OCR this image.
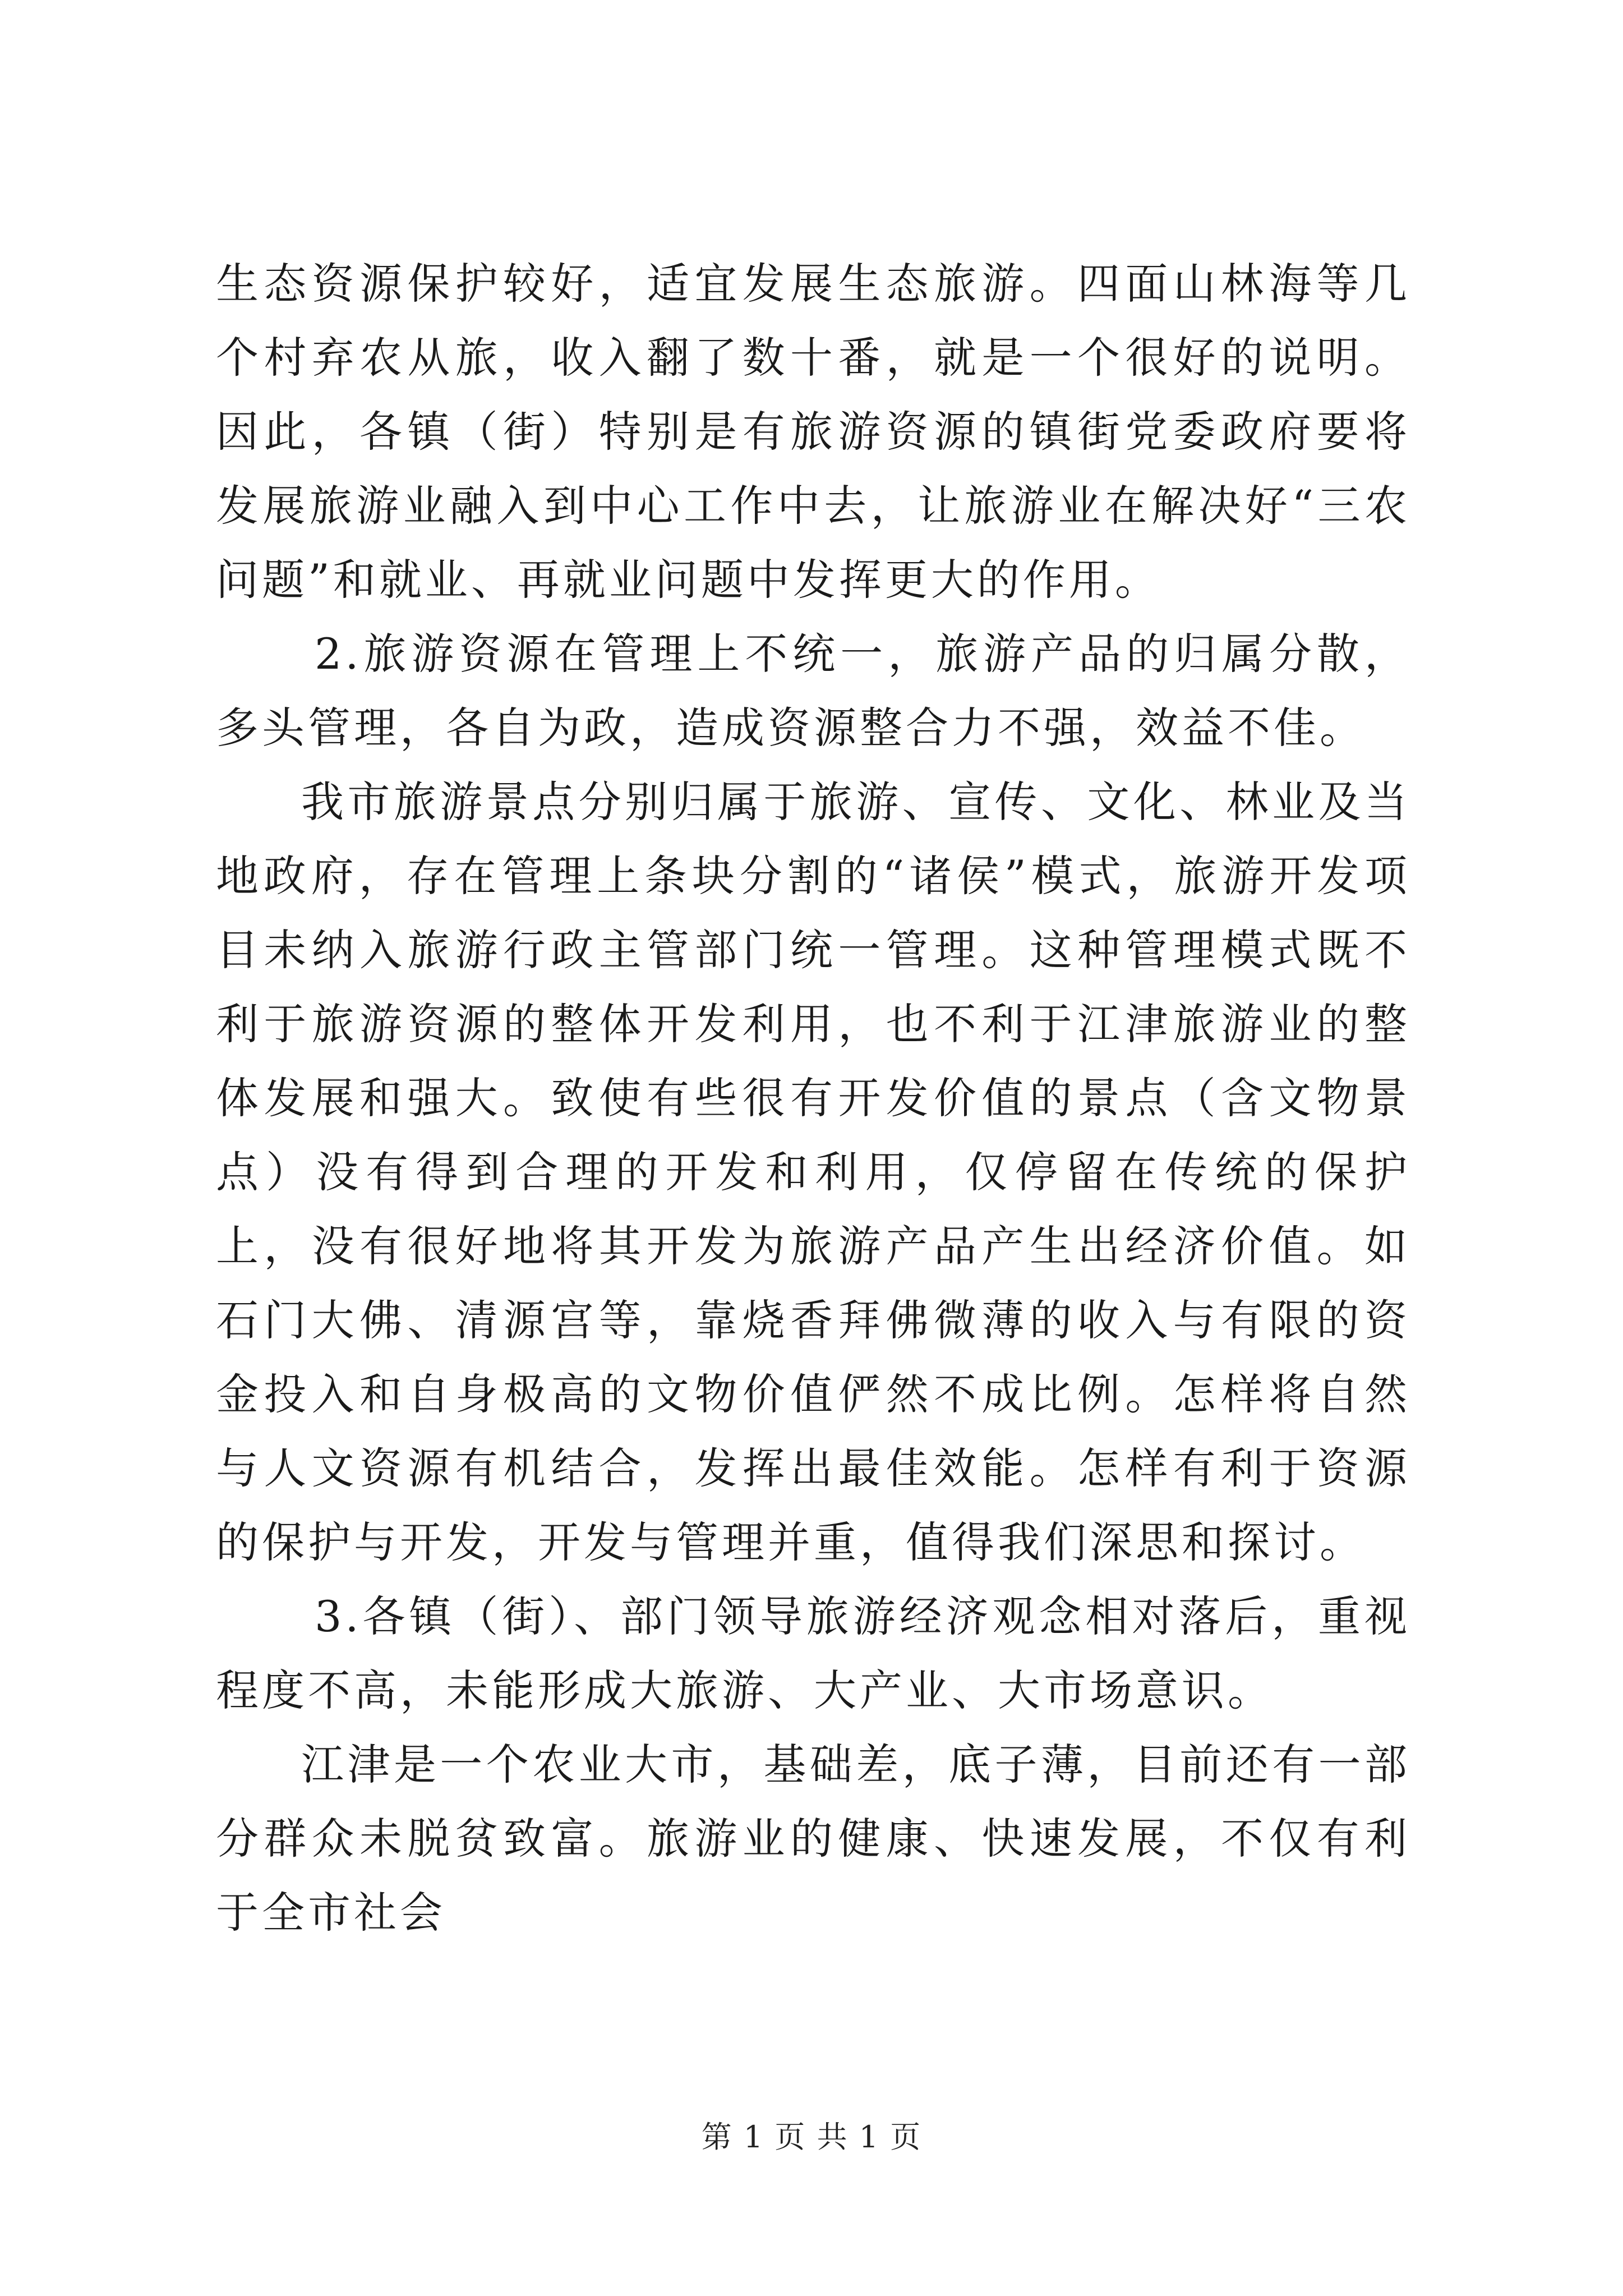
生态资源保护较好，适宜发展生态旅游。四面山林海等几个村弃农从旅，收入翻了数十番，就是一个很好的说明。因此，各镇（街）特别是有旅游资源的镇街党委政府要将发展旅游业融入到中心工作中去，让旅游业在解决好“三农问题”和就业、再就业问题中发挥更大的作用。

2.旅游资源在管理上不统一，旅游产品的归属分散，多头管理，各自为政，造成资源整合力不强，效益不佳。

我市旅游景点分别归属于旅游、宣传、文化、林业及当地政府，存在管理上条块分割的“诸侯”模式，旅游开发项目未纳入旅游行政主管部门统一管理。这种管理模式既不利于旅游资源的整体开发利用，也不利于江津旅游业的整体发展和强大。致使有些很有开发价值的景点（含文物景点）没有得到合理的开发和利用，仅停留在传统的保护上，没有很好地将其开发为旅游产品产生出经济价值。如石门大佛、清源宫等，靠烧香拜佛微薄的收入与有限的资金投入和自身极高的文物价值俨然不成比例。怎样将自然与人文资源有机结合，发挥出最佳效能。怎样有利于资源的保护与开发，开发与管理并重，值得我们深思和探讨。

3.各镇（街）、部门领导旅游经济观念相对落后，重视程度不高，未能形成大旅游、大产业、大市场意识。

江津是一个农业大市，基础差，底子薄，目前还有一部分群众未脱贫致富。旅游业的健康、快速发展，不仅有利于全市社会

第 1 页 共 1 页
